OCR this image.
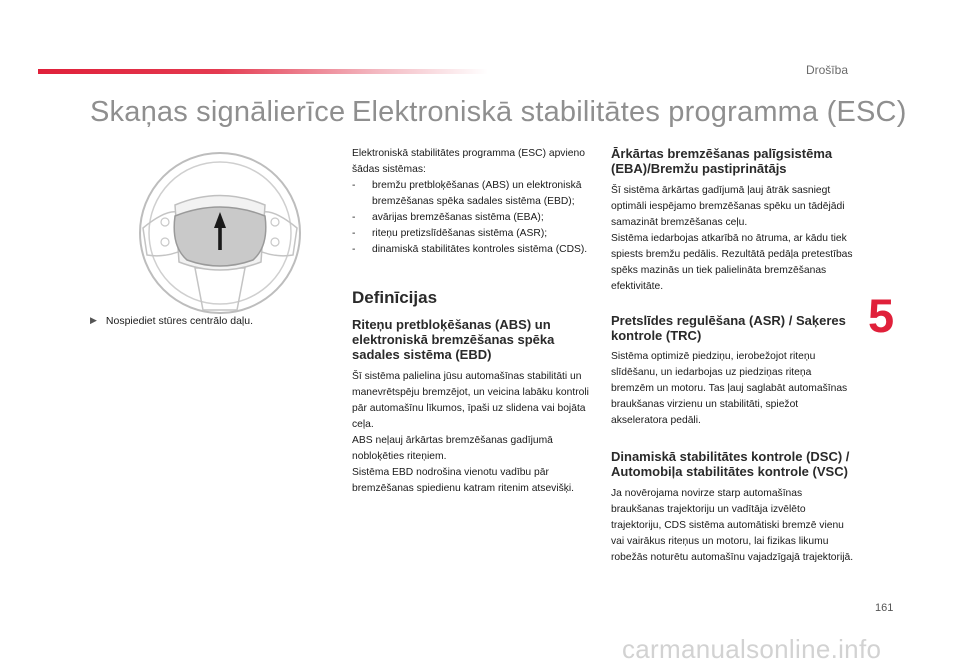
Drošība
Skaņas signālierīce Elektroniskā stabilitātes programma (ESC)
▶ Nospiediet stūres centrālo daļu.

Elektroniskā stabilitātes programma (ESC) apvieno šādas sistēmas:

-	bremžu pretbloķēšanas (ABS) un elektroniskā bremzēšanas spēka sadales sistēma (EBD);
-	avārijas bremzēšanas sistēma (EBA);
-	riteņu pretizslīdēšanas sistēma (ASR);
-	dinamiskā stabilitātes kontroles sistēma (CDS).
Definīcijas
Riteņu pretbloķēšanas (ABS) un elektroniskā bremzēšanas spēka sadales sistēma (EBD)

Šī sistēma palielina jūsu automašīnas stabilitāti un manevrētspēju bremzējot, un veicina labāku kontroli pār automašīnu līkumos, īpaši uz slidena vai bojāta ceļa.

ABS neļauj ārkārtas bremzēšanas gadījumā nobloķēties riteņiem.

Sistēma EBD nodrošina vienotu vadību pār bremzēšanas spiedienu katram ritenim atsevišķi.

Ārkārtas bremzēšanas palīgsistēma (EBA)/Bremžu pastiprinātājs

Šī sistēma ārkārtas gadījumā ļauj ātrāk sasniegt optimāli iespējamo bremzēšanas spēku un tādējādi samazināt bremzēšanas ceļu.

Sistēma iedarbojas atkarībā no ātruma, ar kādu tiek spiests bremžu pedālis. Rezultātā pedāļa pretestības spēks mazinās un tiek palielināta bremzēšanas efektivitāte.

Pretslīdes regulēšana (ASR) / Saķeres kontrole (TRC)

Sistēma optimizē piedziņu, ierobežojot riteņu slīdēšanu, un iedarbojas uz piedziņas riteņa bremzēm un motoru. Tas ļauj saglabāt automašīnas braukšanas virzienu un stabilitāti, spiežot akseleratora pedāli.

Dinamiskā stabilitātes kontrole (DSC) / Automobiļa stabilitātes kontrole (VSC)

Ja novērojama novirze starp automašīnas braukšanas trajektoriju un vadītāja izvēlēto trajektoriju, CDS sistēma automātiski bremzē vienu vai vairākus riteņus un motoru, lai fizikas likumu robežās noturētu automašīnu vajadzīgajā trajektorijā.

5
161
carmanualsonline.info
